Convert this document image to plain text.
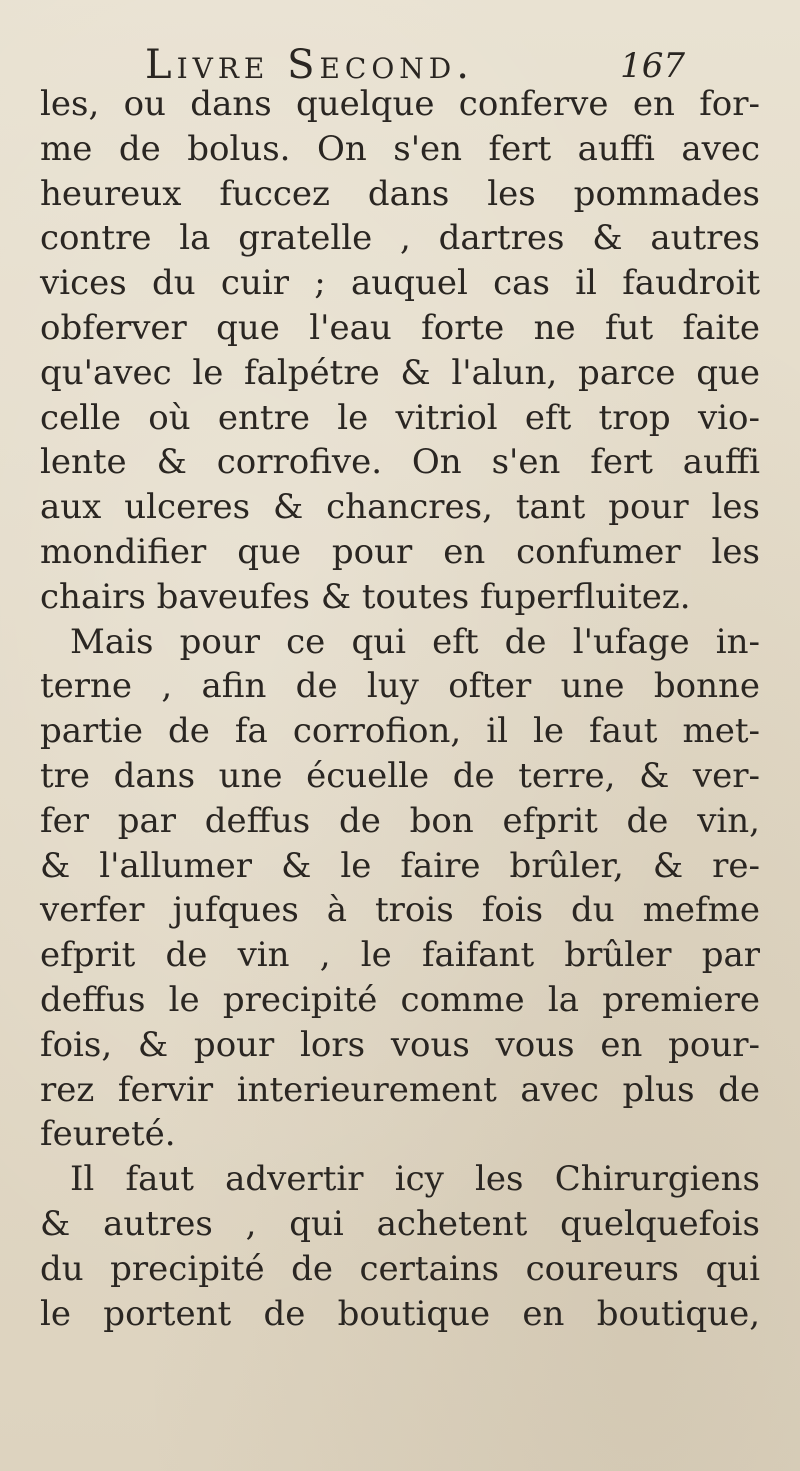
Livre Second.	167
les, ou dans quelque conferve en for-
me de bolus. On s'en fert auffi avec
heureux fuccez dans les pommades
contre la gratelle , dartres & autres
vices du cuir ; auquel cas il faudroit
obferver que l'eau forte ne fut faite
qu'avec le falpétre & l'alun, parce que
celle où entre le vitriol eft trop vio-
lente & corrofive. On s'en fert auffi
aux ulceres & chancres, tant pour les
mondifier que pour en confumer les
chairs baveufes & toutes fuperfluitez.
Mais pour ce qui eft de l'ufage in-
terne , afin de luy ofter une bonne
partie de fa corrofion, il le faut met-
tre dans une écuelle de terre, & ver-
fer par deffus de bon efprit de vin,
& l'allumer & le faire brûler, & re-
verfer jufques à trois fois du mefme
efprit de vin , le faifant brûler par
deffus le precipité comme la premiere
fois, & pour lors vous vous en pour-
rez fervir interieurement avec plus de
feureté.
Il faut advertir icy les Chirurgiens
& autres , qui achetent quelquefois
du precipité de certains coureurs qui
le portent de boutique en boutique,
